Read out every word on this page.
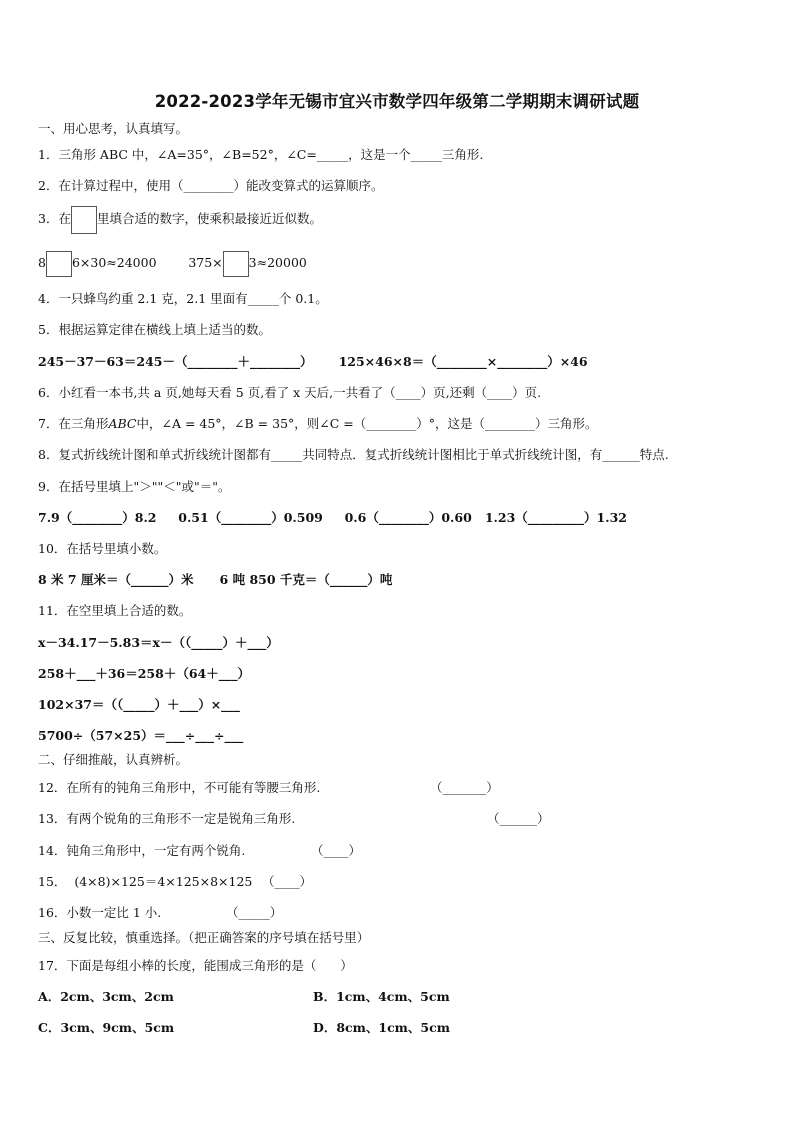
2022-2023学年无锡市宜兴市数学四年级第二学期期末调研试题
一、用心思考，认真填写。
1．三角形 ABC 中，∠A=35°，∠B=52°，∠C=_____，这是一个_____三角形.
2．在计算过程中，使用（________）能改变算式的运算顺序。
3．在 里填合适的数字，使乘积最接近近似数。
8 6×30≈24000	375× 3≈20000
4．一只蜂鸟约重 2.1 克，2.1 里面有_____个 0.1。
5．根据运算定律在横线上填上适当的数。
245－37－63＝245－（________＋________）      125×46×8＝（________×________）×46
6．小红看一本书,共 a 页,她每天看 5 页,看了 x 天后,一共看了（____）页,还剩（____）页.
7．在三角形ABC中，∠A = 45°，∠B = 35°，则∠C =（________）°，这是（________）三角形。
8．复式折线统计图和单式折线统计图都有_____共同特点．复式折线统计图相比于单式折线统计图，有______特点.
9．在括号里填上"＞""＜"或"＝"。
7.9（________）8.2     0.51（________）0.509     0.6（________）0.60   1.23（_________）1.32
10．在括号里填小数。
8 米 7 厘米＝（______）米      6 吨 850 千克＝（______）吨
11．在空里填上合适的数。
x－34.17－5.83＝x－（（_____）＋___）
258＋___＋36＝258＋（64＋___）
102×37＝（（_____）＋___）×___
5700÷（57×25）＝___÷___÷___
二、仔细推敲，认真辨析。
12．在所有的钝角三角形中，不可能有等腰三角形.	（_______）
13．有两个锐角的三角形不一定是锐角三角形.	（______）
14．钝角三角形中，一定有两个锐角.	（____）
15．  (4×8)×125＝4×125×8×125 （____）
16．小数一定比 1 小.	（_____）
三、反复比较，慎重选择。（把正确答案的序号填在括号里）
17．下面是每组小棒的长度，能围成三角形的是（      ）
A．2cm、3cm、2cm	B．1cm、4cm、5cm
C．3cm、9cm、5cm	D．8cm、1cm、5cm
